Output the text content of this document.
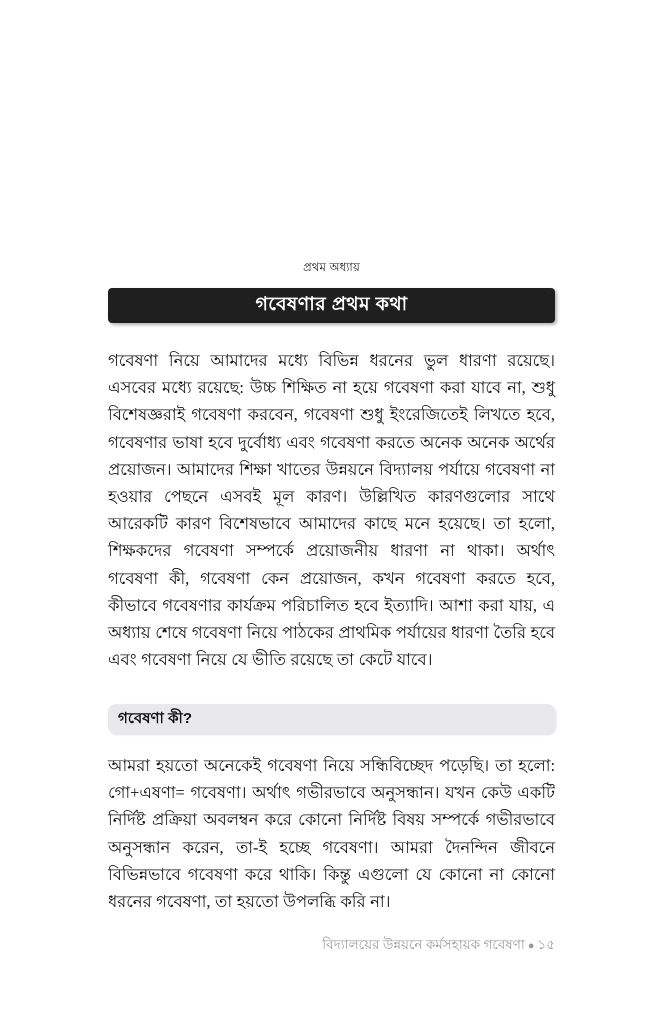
প্রথম অধ্যায়
গবেষণার প্রথম কথা

গবেষণা নিয়ে আমাদের মধ্যে বিভিন্ন ধরনের ভুল ধারণা রয়েছে। এসবের মধ্যে রয়েছে: উচ্চ শিক্ষিত না হয়ে গবেষণা করা যাবে না, শুধু বিশেষজ্ঞরাই গবেষণা করবেন, গবেষণা শুধু ইংরেজিতেই লিখতে হবে, গবেষণার ভাষা হবে দুর্বোধ্য এবং গবেষণা করতে অনেক অনেক অর্থের প্রয়োজন। আমাদের শিক্ষা খাতের উন্নয়নে বিদ্যালয় পর্যায়ে গবেষণা না হওয়ার পেছনে এসবই মূল কারণ। উল্লিখিত কারণগুলোর সাথে আরেকটি কারণ বিশেষভাবে আমাদের কাছে মনে হয়েছে। তা হলো, শিক্ষকদের গবেষণা সম্পর্কে প্রয়োজনীয় ধারণা না থাকা। অর্থাৎ গবেষণা কী, গবেষণা কেন প্রয়োজন, কখন গবেষণা করতে হবে, কীভাবে গবেষণার কার্যক্রম পরিচালিত হবে ইত্যাদি। আশা করা যায়, এ অধ্যায় শেষে গবেষণা নিয়ে পাঠকের প্রাথমিক পর্যায়ের ধারণা তৈরি হবে এবং গবেষণা নিয়ে যে ভীতি রয়েছে তা কেটে যাবে।

গবেষণা কী?

আমরা হয়তো অনেকেই গবেষণা নিয়ে সন্ধিবিচ্ছেদ পড়েছি। তা হলো: গো+এষণা= গবেষণা। অর্থাৎ গভীরভাবে অনুসন্ধান। যখন কেউ একটি নির্দিষ্ট প্রক্রিয়া অবলম্বন করে কোনো নির্দিষ্ট বিষয় সম্পর্কে গভীরভাবে অনুসন্ধান করেন, তা-ই হচ্ছে গবেষণা। আমরা দৈনন্দিন জীবনে বিভিন্নভাবে গবেষণা করে থাকি। কিন্তু এগুলো যে কোনো না কোনো ধরনের গবেষণা, তা হয়তো উপলব্ধি করি না।

বিদ্যালয়ের উন্নয়নে কর্মসহায়ক গবেষণা ● ১৫
